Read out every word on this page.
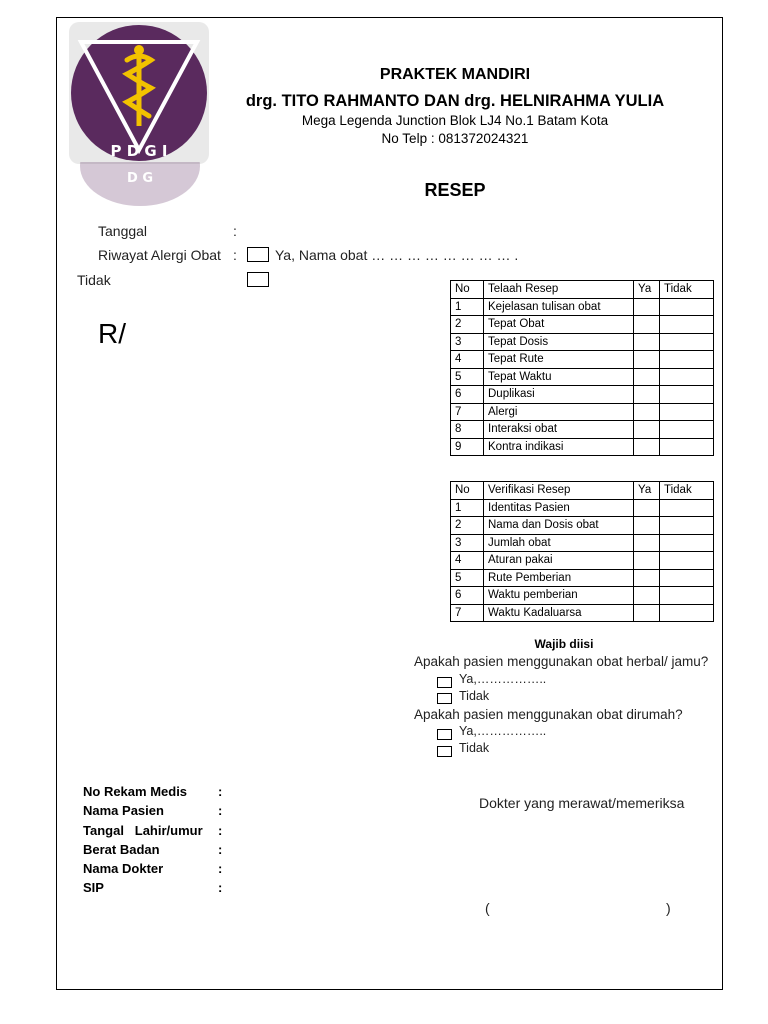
P D G I
D G
PRAKTEK MANDIRI
drg. TITO RAHMANTO DAN drg. HELNIRAHMA YULIA
Mega Legenda Junction Blok LJ4 No.1 Batam Kota
No Telp : 081372024321
RESEP
Tanggal	:
Riwayat Alergi Obat :	Ya, Nama obat … … … … … … … … .
Tidak
R/
No	Telaah Resep	Ya	Tidak
1	Kejelasan tulisan obat		
2	Tepat Obat		
3	Tepat Dosis		
4	Tepat Rute		
5	Tepat Waktu		
6	Duplikasi		
7	Alergi		
8	Interaksi obat		
9	Kontra indikasi		
No	Verifikasi Resep	Ya	Tidak
1	Identitas Pasien		
2	Nama dan Dosis obat		
3	Jumlah obat		
4	Aturan pakai		
5	Rute Pemberian		
6	Waktu pemberian		
7	Waktu Kadaluarsa		
Wajib diisi
Apakah pasien menggunakan obat herbal/ jamu?
Ya,……………..
Tidak
Apakah pasien menggunakan obat dirumah?
Ya,……………..
Tidak
No Rekam Medis :
Nama Pasien	:
Tangal   Lahir/umur :
Berat Badan	:
Nama Dokter	:
SIP	:
Dokter yang merawat/memeriksa
(	)
